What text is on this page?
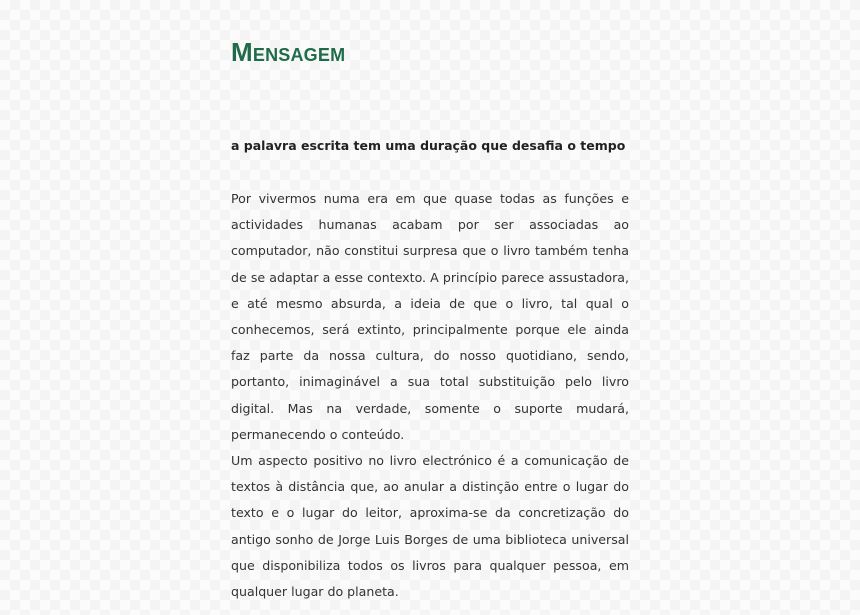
Mensagem

a palavra escrita tem uma duração que desafia o tempo

Por vivermos numa era em que quase todas as funções e actividades humanas acabam por ser associadas ao computador, não constitui surpresa que o livro também tenha de se adaptar a esse contexto. A princípio parece assustadora, e até mesmo absurda, a ideia de que o livro, tal qual o conhecemos, será extinto, principalmente porque ele ainda faz parte da nossa cultura, do nosso quotidiano, sendo, portanto, inimaginável a sua total substituição pelo livro digital. Mas na verdade, somente o suporte mudará, permanecendo o conteúdo.

Um aspecto positivo no livro electrónico é a comunicação de textos à distância que, ao anular a distinção entre o lugar do texto e o lugar do leitor, aproxima-se da concretização do antigo sonho de Jorge Luis Borges de uma biblioteca universal que disponibiliza todos os livros para qualquer pessoa, em qualquer lugar do planeta.
